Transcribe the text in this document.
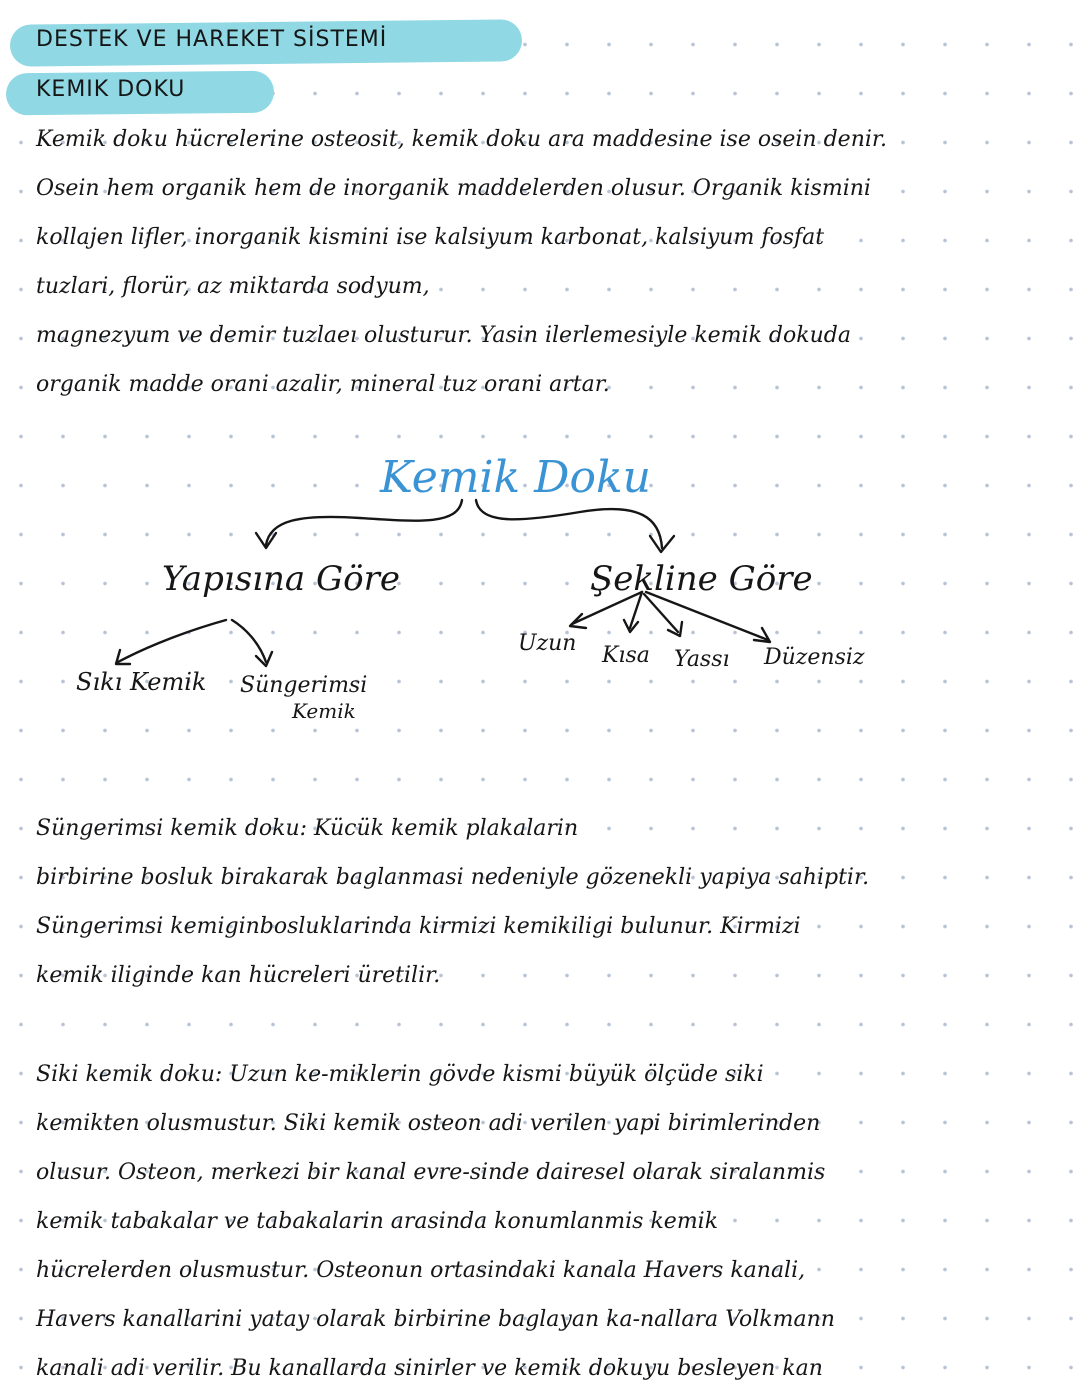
DESTEK VE HAREKET SİSTEMİ
KEMIK DOKU
Kemik doku hücrelerine osteosit, kemik doku ara maddesine ise osein denir.
Osein hem organik hem de inorganik maddelerden olusur. Organik kismini
kollajen lifler, inorganik kismini ise kalsiyum karbonat, kalsiyum fosfat
tuzlari, florür, az miktarda sodyum,
magnezyum ve demir tuzlaeı olusturur. Yasin ilerlemesiyle kemik dokuda
organik madde orani azalir, mineral tuz orani artar.
Kemik Doku
Yapısına Göre	Şekline Göre
Sıkı Kemik Süngerimsi
Kemik
Uzun Kısa Yassı Düzensiz
Süngerimsi kemik doku: Kücük kemik plakalarin
birbirine bosluk birakarak baglanmasi nedeniyle gözenekli yapiya sahiptir.
Süngerimsi kemiginbosluklarinda kirmizi kemikiligi bulunur. Kirmizi
kemik iliginde kan hücreleri üretilir.
Siki kemik doku: Uzun ke-miklerin gövde kismi büyük ölçüde siki
kemikten olusmustur. Siki kemik osteon adi verilen yapi birimlerinden
olusur. Osteon, merkezi bir kanal evre-sinde dairesel olarak siralanmis
kemik tabakalar ve tabakalarin arasinda konumlanmis kemik
hücrelerden olusmustur. Osteonun ortasindaki kanala Havers kanali,
Havers kanallarini yatay olarak birbirine baglayan ka-nallara Volkmann
kanali adi verilir. Bu kanallarda sinirler ve kemik dokuyu besleyen kan
